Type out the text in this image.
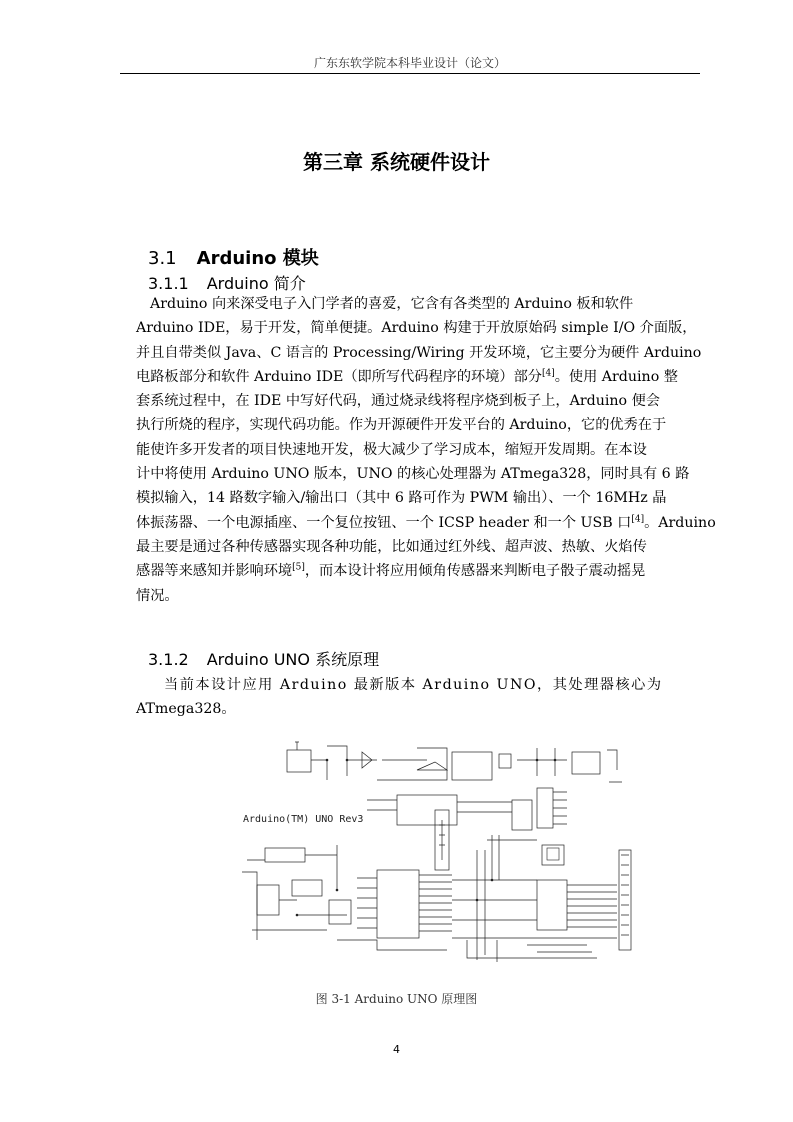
广东东软学院本科毕业设计（论文）
第三章 系统硬件设计
3.1 Arduino 模块
3.1.1 Arduino 简介
Arduino 向来深受电子入门学者的喜爱，它含有各类型的 Arduino 板和软件
Arduino IDE，易于开发，简单便捷。Arduino 构建于开放原始码 simple I/O 介面版，
并且自带类似 Java、C 语言的 Processing/Wiring 开发环境，它主要分为硬件 Arduino
电路板部分和软件 Arduino IDE（即所写代码程序的环境）部分[4]。使用 Arduino 整
套系统过程中，在 IDE 中写好代码，通过烧录线将程序烧到板子上，Arduino 便会
执行所烧的程序，实现代码功能。作为开源硬件开发平台的 Arduino，它的优秀在于
能使许多开发者的项目快速地开发，极大减少了学习成本，缩短开发周期。在本设
计中将使用 Arduino UNO 版本，UNO 的核心处理器为 ATmega328，同时具有 6 路
模拟输入，14 路数字输入/输出口（其中 6 路可作为 PWM 输出）、一个 16MHz 晶
体振荡器、一个电源插座、一个复位按钮、一个 ICSP header 和一个 USB 口[4]。Arduino
最主要是通过各种传感器实现各种功能，比如通过红外线、超声波、热敏、火焰传
感器等来感知并影响环境[5]，而本设计将应用倾角传感器来判断电子骰子震动摇晃
情况。
3.1.2 Arduino UNO 系统原理
当前本设计应用 Arduino 最新版本 Arduino UNO，其处理器核心为
ATmega328。
Arduino(TM) UNO Rev3
图 3-1 Arduino UNO 原理图
4
